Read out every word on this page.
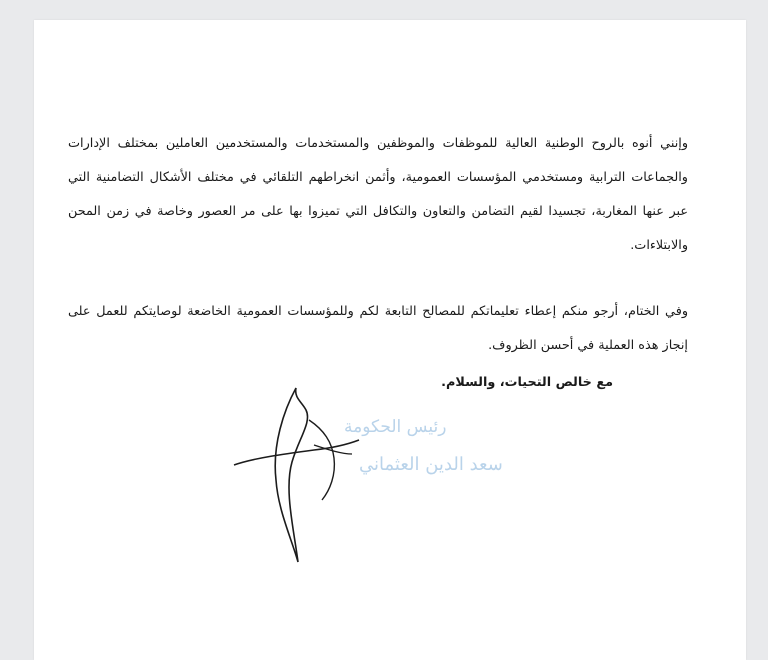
وإنني أنوه بالروح الوطنية العالية للموظفات والموظفين والمستخدمات والمستخدمين العاملين بمختلف الإدارات والجماعات الترابية ومستخدمي المؤسسات العمومية، وأثمن انخراطهم التلقائي في مختلف الأشكال التضامنية التي عبر عنها المغاربة، تجسيدا لقيم التضامن والتعاون والتكافل التي تميزوا بها على مر العصور وخاصة في زمن المحن والابتلاءات.

وفي الختام، أرجو منكم إعطاء تعليماتكم للمصالح التابعة لكم وللمؤسسات العمومية الخاضعة لوصايتكم للعمل على إنجاز هذه العملية في أحسن الظروف.

مع خالص التحيات، والسلام.
رئيس الحكومة
سعد الدين العثماني
